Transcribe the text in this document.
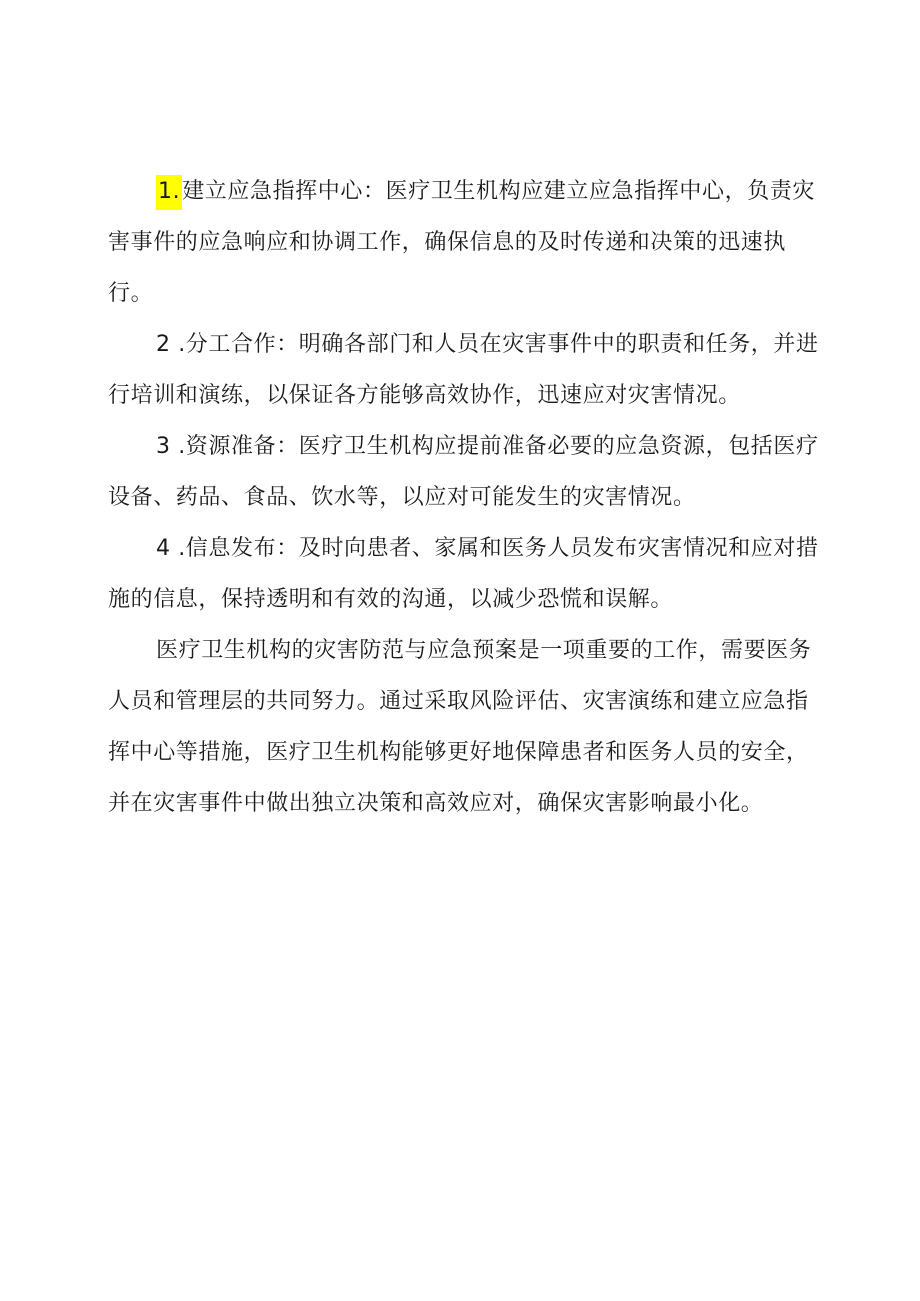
1.建立应急指挥中心：医疗卫生机构应建立应急指挥中心，负责灾害事件的应急响应和协调工作，确保信息的及时传递和决策的迅速执行。

2 .分工合作：明确各部门和人员在灾害事件中的职责和任务，并进行培训和演练，以保证各方能够高效协作，迅速应对灾害情况。

3 .资源准备：医疗卫生机构应提前准备必要的应急资源，包括医疗设备、药品、食品、饮水等，以应对可能发生的灾害情况。

4 .信息发布：及时向患者、家属和医务人员发布灾害情况和应对措施的信息，保持透明和有效的沟通，以减少恐慌和误解。

医疗卫生机构的灾害防范与应急预案是一项重要的工作，需要医务人员和管理层的共同努力。通过采取风险评估、灾害演练和建立应急指挥中心等措施，医疗卫生机构能够更好地保障患者和医务人员的安全，并在灾害事件中做出独立决策和高效应对，确保灾害影响最小化。
